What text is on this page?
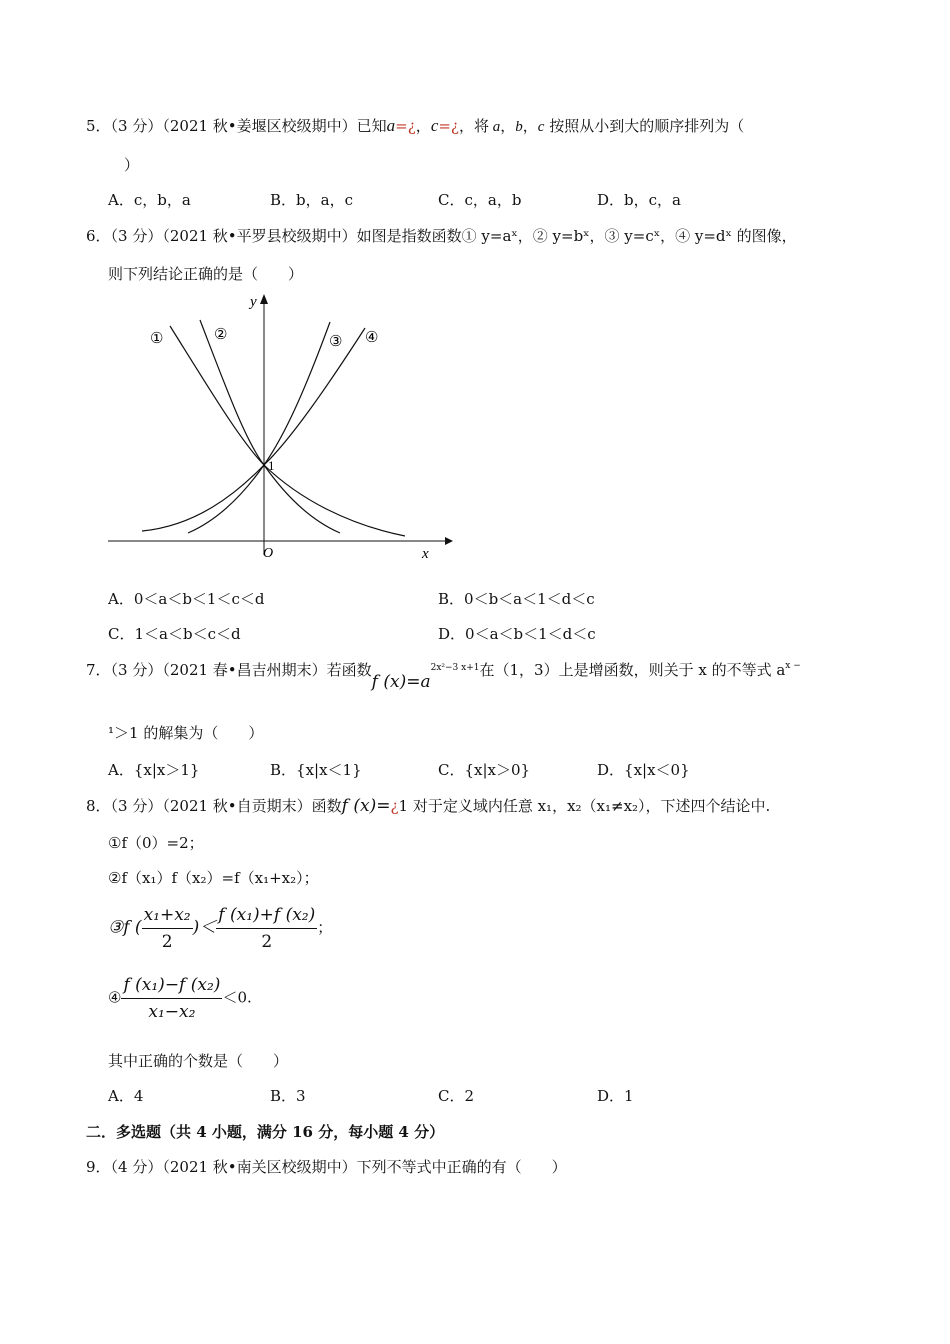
5．（3 分）（2021 秋•姜堰区校级期中）已知a=¿，c=¿，将 a，b，c 按照从小到大的顺序排列为（
）
A．c，b，a	B．b，a，c	C．c，a，b	D．b，c，a
6．（3 分）（2021 秋•平罗县校级期中）如图是指数函数① y=aˣ，② y=bˣ，③ y=cˣ，④ y=dˣ 的图像，
则下列结论正确的是（　　）
y
x
O
1
①	②	③ ④
A．0＜a＜b＜1＜c＜d	B．0＜b＜a＜1＜d＜c
C．1＜a＜b＜c＜d	D．0＜a＜b＜1＜d＜c
7．（3 分）（2021 春•昌吉州期末）若函数f $(x)=a^{2x^2-3 x+1}$在（1，3）上是增函数，则关于 x 的不等式 $a^{x -}$
¹＞1 的解集为（　　）
A．{x|x＞1}	B．{x|x＜1}	C．{x|x＞0}	D．{x|x＜0}
8．（3 分）（2021 秋•自贡期末）函数f (x)=¿1 对于定义域内任意 x₁，x₂（x₁≠x₂），下述四个结论中.
①f（0）=2；
②f（x₁）f（x₂）=f（x₁+x₂）；
③f ( $\frac{\text{x₁+x₂}}{2}$ )＜ $\frac{\text{f (x₁)+f (x₂)}}{2}$ ；
④ $\frac{\text{f (x₁)−f (x₂)}}{\text{x₁−x₂}} <0$.
其中正确的个数是（　　）
A．4	B．3	C．2	D．1
二．多选题（共 4 小题，满分 16 分，每小题 4 分）
9．（4 分）（2021 秋•南关区校级期中）下列不等式中正确的有（　　）
